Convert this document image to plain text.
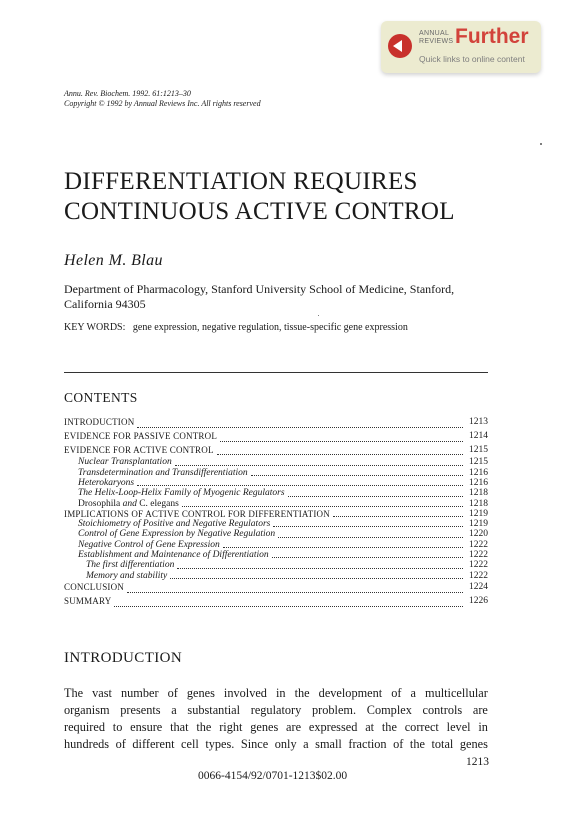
ANNUAL
REVIEWS Further
Quick links to online content
Annu. Rev. Biochem. 1992. 61:1213–30
Copyright © 1992 by Annual Reviews Inc. All rights reserved
DIFFERENTIATION REQUIRES
CONTINUOUS ACTIVE CONTROL
Helen M. Blau
Department of Pharmacology, Stanford University School of Medicine, Stanford,
California 94305
KEY WORDS: gene expression, negative regulation, tissue-specific gene expression
CONTENTS
INTRODUCTION	1213
EVIDENCE FOR PASSIVE CONTROL	1214
EVIDENCE FOR ACTIVE CONTROL	1215
Nuclear Transplantation	1215
Transdetermination and Transdifferentiation	1216
Heterokaryons	1216
The Helix-Loop-Helix Family of Myogenic Regulators	1218
Drosophila and C. elegans	1218
IMPLICATIONS OF ACTIVE CONTROL FOR DIFFERENTIATION	1219
Stoichiometry of Positive and Negative Regulators	1219
Control of Gene Expression by Negative Regulation	1220
Negative Control of Gene Expression	1222
Establishment and Maintenance of Differentiation	1222
The first differentiation	1222
Memory and stability	1222
CONCLUSION	1224
SUMMARY	1226
INTRODUCTION
The vast number of genes involved in the development of a multicellular
organism presents a substantial regulatory problem. Complex controls are
required to ensure that the right genes are expressed at the correct level in
hundreds of different cell types. Since only a small fraction of the total genes
1213
0066-4154/92/0701-1213$02.00
